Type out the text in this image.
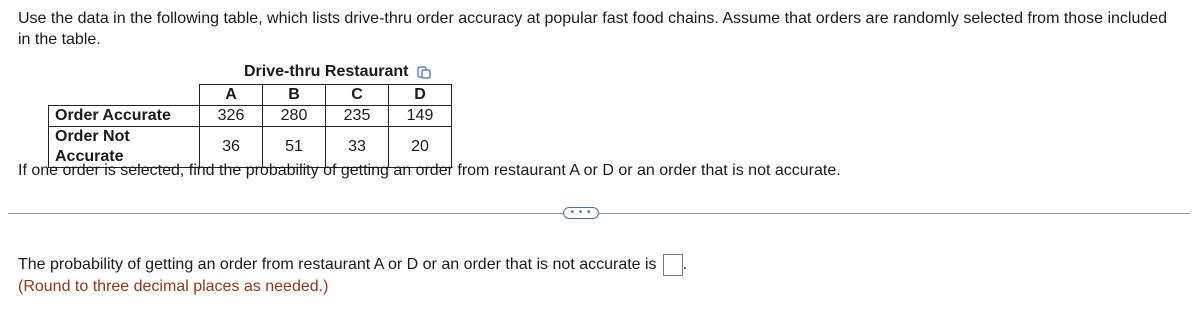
Use the data in the following table, which lists drive-thru order accuracy at popular fast food chains. Assume that orders are randomly selected from those included in the table.

Drive-thru Restaurant
	A	B	C	D
Order Accurate	326	280	235	149
Order Not Accurate	36	51	33	20

If one order is selected, find the probability of getting an order from restaurant A or D or an order that is not accurate.

• • •
The probability of getting an order from restaurant A or D or an order that is not accurate is .

(Round to three decimal places as needed.)
